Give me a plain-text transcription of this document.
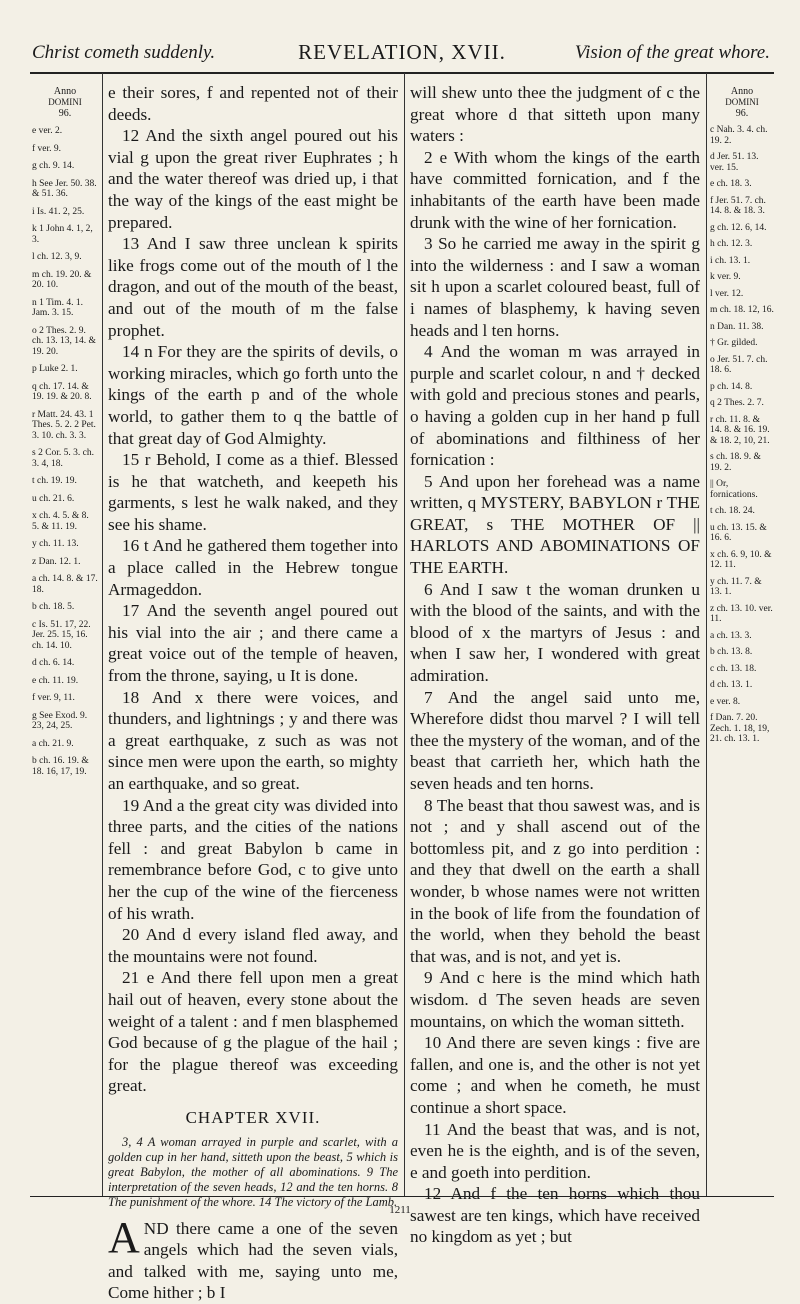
Christ cometh suddenly.	REVELATION, XVII.	Vision of the great whore.
Anno
DOMINI
96.
e ver. 2.
f ver. 9.
g ch. 9. 14.
h See Jer. 50. 38. & 51. 36.
i Is. 41. 2, 25.
k 1 John 4. 1, 2, 3.
l ch. 12. 3, 9.
m ch. 19. 20. & 20. 10.
n 1 Tim. 4. 1. Jam. 3. 15.
o 2 Thes. 2. 9. ch. 13. 13, 14. & 19. 20.
p Luke 2. 1.
q ch. 17. 14. & 19. 19. & 20. 8.
r Matt. 24. 43. 1 Thes. 5. 2. 2 Pet. 3. 10. ch. 3. 3.
s 2 Cor. 5. 3. ch. 3. 4, 18.
t ch. 19. 19.
u ch. 21. 6.
x ch. 4. 5. & 8. 5. & 11. 19.
y ch. 11. 13.
z Dan. 12. 1.
a ch. 14. 8. & 17. 18.
b ch. 18. 5.
c Is. 51. 17, 22. Jer. 25. 15, 16. ch. 14. 10.
d ch. 6. 14.
e ch. 11. 19.
f ver. 9, 11.
g See Exod. 9. 23, 24, 25.
a ch. 21. 9.
b ch. 16. 19. & 18. 16, 17, 19.

e their sores, f and repented not of their deeds.

12 And the sixth angel poured out his vial g upon the great river Euphrates ; h and the water thereof was dried up, i that the way of the kings of the east might be prepared.

13 And I saw three unclean k spirits like frogs come out of the mouth of l the dragon, and out of the mouth of the beast, and out of the mouth of m the false prophet.

14 n For they are the spirits of devils, o working miracles, which go forth unto the kings of the earth p and of the whole world, to gather them to q the battle of that great day of God Almighty.

15 r Behold, I come as a thief. Blessed is he that watcheth, and keepeth his garments, s lest he walk naked, and they see his shame.

16 t And he gathered them together into a place called in the Hebrew tongue Armageddon.

17 And the seventh angel poured out his vial into the air ; and there came a great voice out of the temple of heaven, from the throne, saying, u It is done.

18 And x there were voices, and thunders, and lightnings ; y and there was a great earthquake, z such as was not since men were upon the earth, so mighty an earthquake, and so great.

19 And a the great city was divided into three parts, and the cities of the nations fell : and great Babylon b came in remembrance before God, c to give unto her the cup of the wine of the fierceness of his wrath.

20 And d every island fled away, and the mountains were not found.

21 e And there fell upon men a great hail out of heaven, every stone about the weight of a talent : and f men blasphemed God because of g the plague of the hail ; for the plague thereof was exceeding great.

CHAPTER XVII.
3, 4 A woman arrayed in purple and scarlet, with a golden cup in her hand, sitteth upon the beast, 5 which is great Babylon, the mother of all abominations. 9 The interpretation of the seven heads, 12 and the ten horns. 8 The punishment of the whore. 14 The victory of the Lamb.

AND there came a one of the seven angels which had the seven vials, and talked with me, saying unto me, Come hither ; b I

will shew unto thee the judgment of c the great whore d that sitteth upon many waters :

2 e With whom the kings of the earth have committed fornication, and f the inhabitants of the earth have been made drunk with the wine of her fornication.

3 So he carried me away in the spirit g into the wilderness : and I saw a woman sit h upon a scarlet coloured beast, full of i names of blasphemy, k having seven heads and l ten horns.

4 And the woman m was arrayed in purple and scarlet colour, n and † decked with gold and precious stones and pearls, o having a golden cup in her hand p full of abominations and filthiness of her fornication :

5 And upon her forehead was a name written, q MYSTERY, BABYLON r THE GREAT, s THE MOTHER OF || HARLOTS AND ABOMINATIONS OF THE EARTH.

6 And I saw t the woman drunken u with the blood of the saints, and with the blood of x the martyrs of Jesus : and when I saw her, I wondered with great admiration.

7 And the angel said unto me, Wherefore didst thou marvel ? I will tell thee the mystery of the woman, and of the beast that carrieth her, which hath the seven heads and ten horns.

8 The beast that thou sawest was, and is not ; and y shall ascend out of the bottomless pit, and z go into perdition : and they that dwell on the earth a shall wonder, b whose names were not written in the book of life from the foundation of the world, when they behold the beast that was, and is not, and yet is.

9 And c here is the mind which hath wisdom. d The seven heads are seven mountains, on which the woman sitteth.

10 And there are seven kings : five are fallen, and one is, and the other is not yet come ; and when he cometh, he must continue a short space.

11 And the beast that was, and is not, even he is the eighth, and is of the seven, e and goeth into perdition.

12 And f the ten horns which thou sawest are ten kings, which have received no kingdom as yet ; but

Anno
DOMINI
96.
c Nah. 3. 4. ch. 19. 2.
d Jer. 51. 13. ver. 15.
e ch. 18. 3.
f Jer. 51. 7. ch. 14. 8. & 18. 3.
g ch. 12. 6, 14.
h ch. 12. 3.
i ch. 13. 1.
k ver. 9.
l ver. 12.
m ch. 18. 12, 16.
n Dan. 11. 38.
† Gr. gilded.
o Jer. 51. 7. ch. 18. 6.
p ch. 14. 8.
q 2 Thes. 2. 7.
r ch. 11. 8. & 14. 8. & 16. 19. & 18. 2, 10, 21.
s ch. 18. 9. & 19. 2.
|| Or, fornications.
t ch. 18. 24.
u ch. 13. 15. & 16. 6.
x ch. 6. 9, 10. & 12. 11.
y ch. 11. 7. & 13. 1.
z ch. 13. 10. ver. 11.
a ch. 13. 3.
b ch. 13. 8.
c ch. 13. 18.
d ch. 13. 1.
e ver. 8.
f Dan. 7. 20. Zech. 1. 18, 19, 21. ch. 13. 1.
1211
